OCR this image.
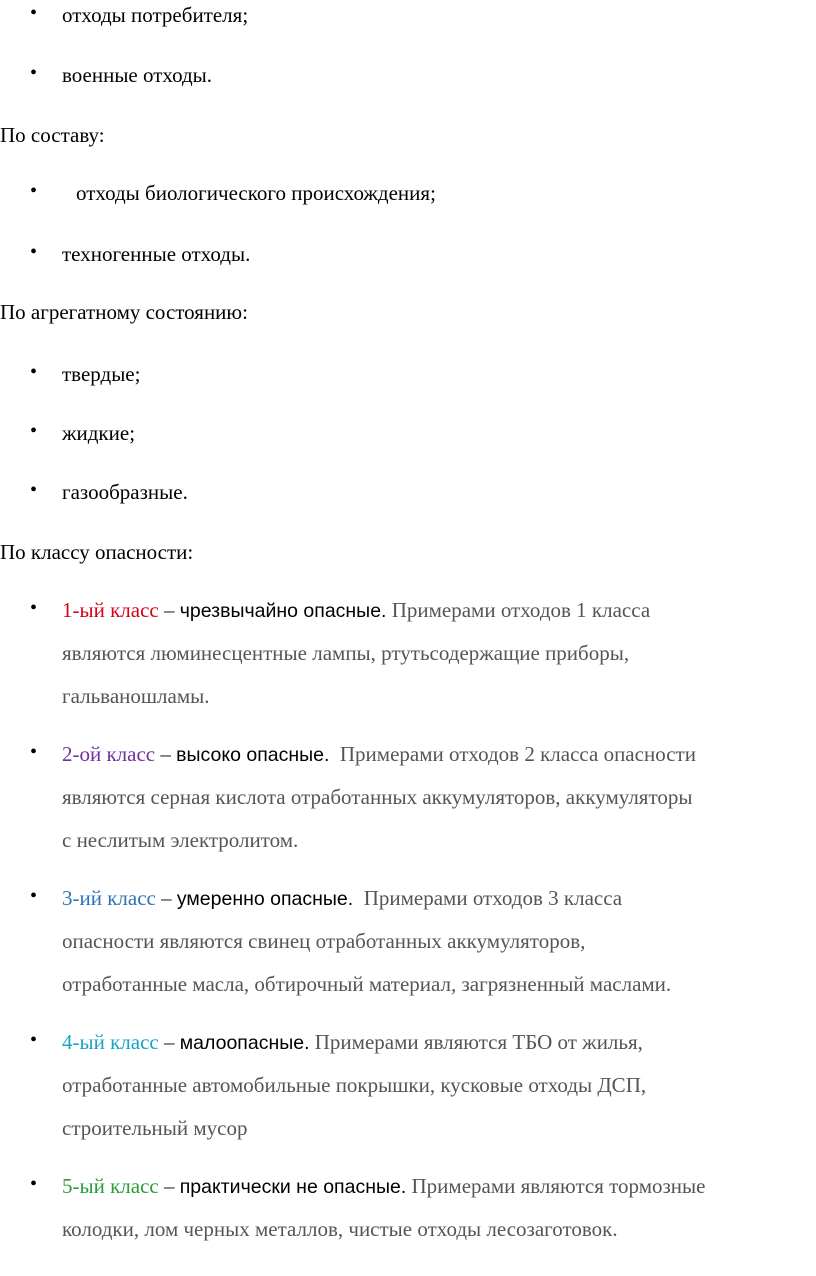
• отходы потребителя;
• военные отходы.
По составу:
• отходы биологического происхождения;
• техногенные отходы.
По агрегатному состоянию:
• твердые;
• жидкие;
• газообразные.
По классу опасности:
• 1-ый класс – чрезвычайно опасные. Примерами отходов 1 класса
являются люминесцентные лампы, ртутьсодержащие приборы,
гальваношламы.
• 2-ой класс – высоко опасные. Примерами отходов 2 класса опасности
являются серная кислота отработанных аккумуляторов, аккумуляторы
с неслитым электролитом.
• 3-ий класс – умеренно опасные. Примерами отходов 3 класса
опасности являются свинец отработанных аккумуляторов,
отработанные масла, обтирочный материал, загрязненный маслами.
• 4-ый класс – малоопасные. Примерами являются ТБО от жилья,
отработанные автомобильные покрышки, кусковые отходы ДСП,
строительный мусор
• 5-ый класс – практически не опасные. Примерами являются тормозные
колодки, лом черных металлов, чистые отходы лесозаготовок.
